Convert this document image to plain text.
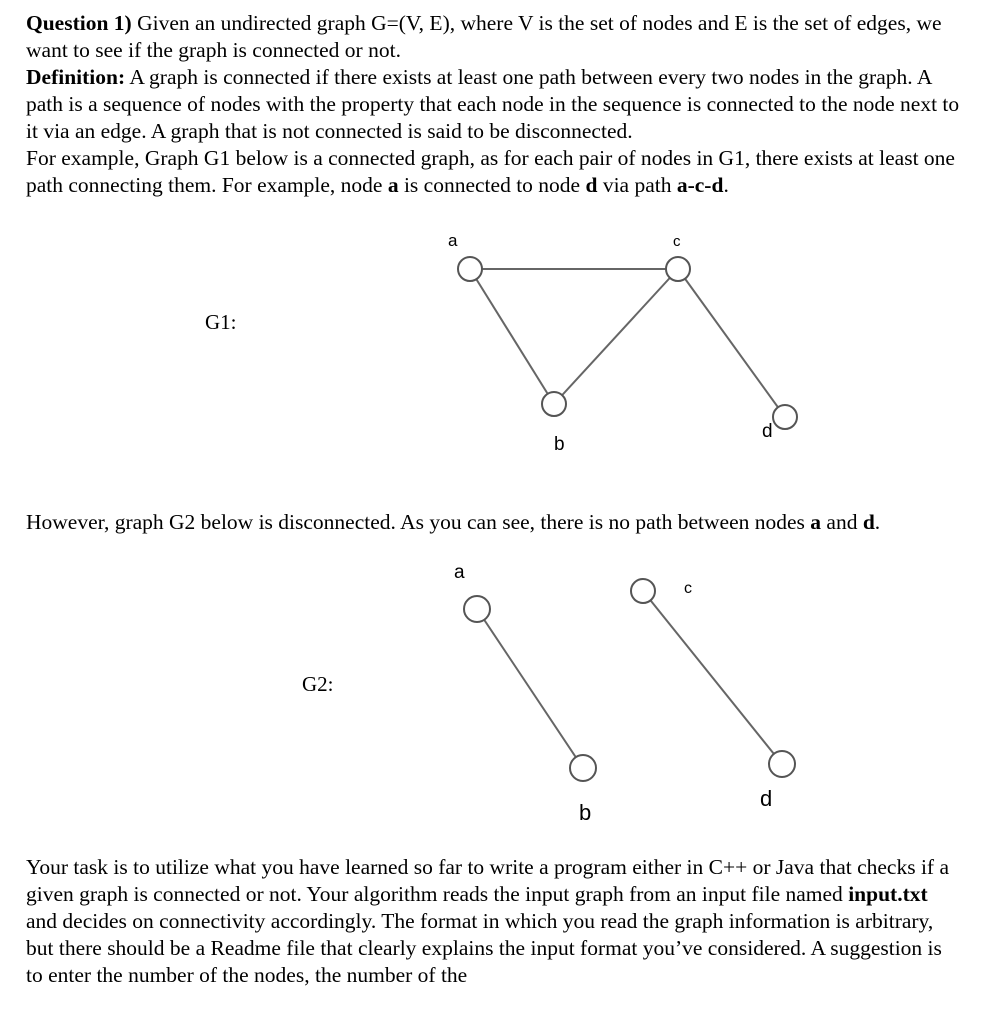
Question 1) Given an undirected graph G=(V, E), where V is the set of nodes and E is the set of edges, we want to see if the graph is connected or not.
Definition: A graph is connected if there exists at least one path between every two nodes in the graph. A path is a sequence of nodes with the property that each node in the sequence is connected to the node next to it via an edge. A graph that is not connected is said to be disconnected.
For example, Graph G1 below is a connected graph, as for each pair of nodes in G1, there exists at least one path connecting them. For example, node a is connected to node d via path a-c-d.
G1:
a	c
b
d
However, graph G2 below is disconnected. As you can see, there is no path between nodes a and d.
G2:
a
c
b
d
Your task is to utilize what you have learned so far to write a program either in C++ or Java that checks if a given graph is connected or not. Your algorithm reads the input graph from an input file named input.txt and decides on connectivity accordingly. The format in which you read the graph information is arbitrary, but there should be a Readme file that clearly explains the input format you’ve considered. A suggestion is to enter the number of the nodes, the number of the
